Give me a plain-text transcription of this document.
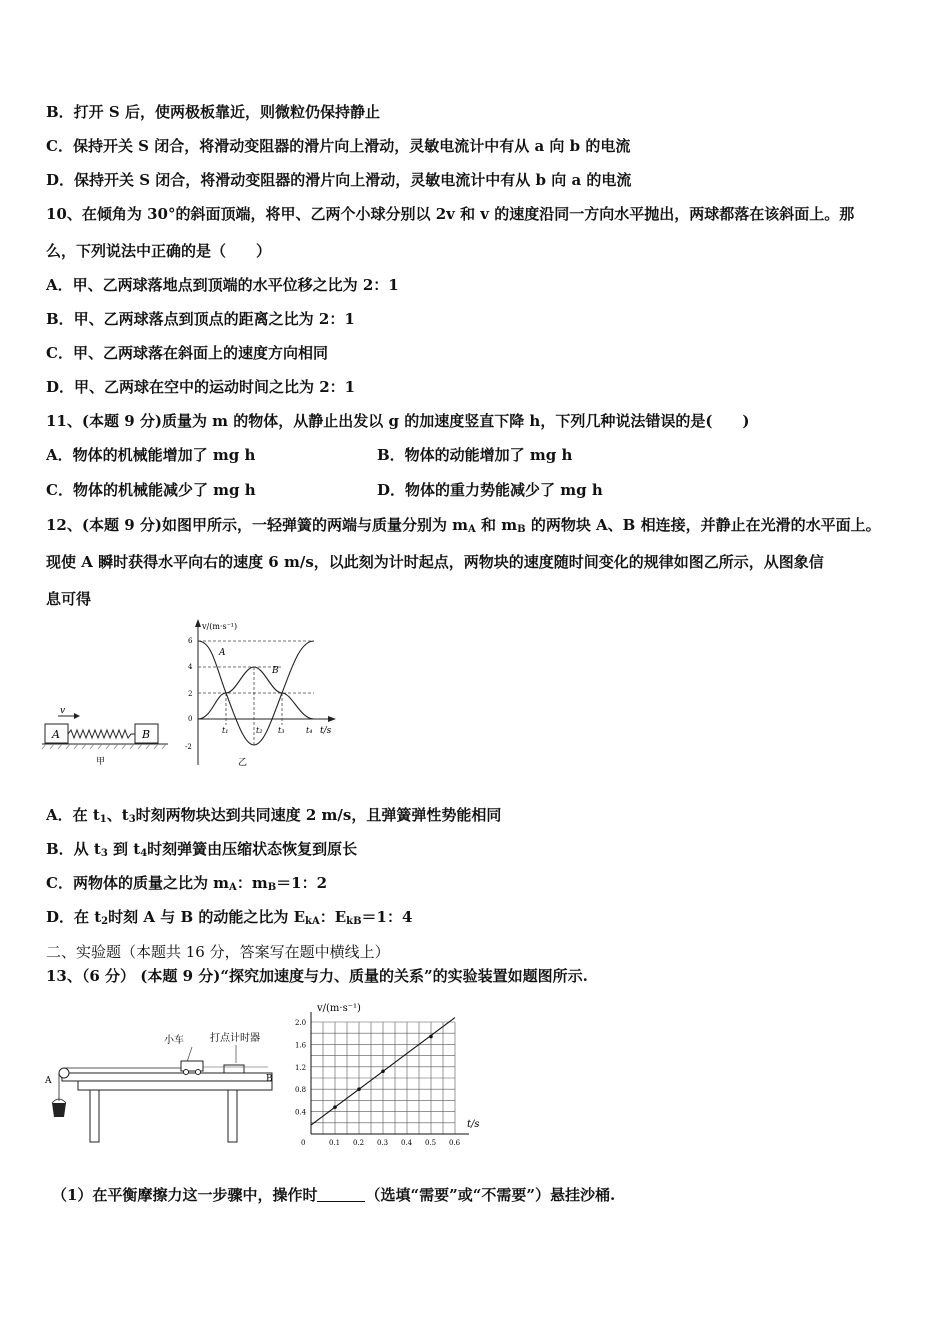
B．打开 S 后，使两极板靠近，则微粒仍保持静止
C．保持开关 S 闭合，将滑动变阻器的滑片向上滑动，灵敏电流计中有从 a 向 b 的电流
D．保持开关 S 闭合，将滑动变阻器的滑片向上滑动，灵敏电流计中有从 b 向 a 的电流
10、在倾角为 30°的斜面顶端，将甲、乙两个小球分别以 2v 和 v 的速度沿同一方向水平抛出，两球都落在该斜面上。那
么，下列说法中正确的是（　　）
A．甲、乙两球落地点到顶端的水平位移之比为 2：1
B．甲、乙两球落点到顶点的距离之比为 2：1
C．甲、乙两球落在斜面上的速度方向相同
D．甲、乙两球在空中的运动时间之比为 2：1
11、(本题 9 分)质量为 m 的物体，从静止出发以 g 的加速度竖直下降 h，下列几种说法错误的是(　　)
A．物体的机械能增加了 mg h	B．物体的动能增加了 mg h
C．物体的机械能减少了 mg h	D．物体的重力势能减少了 mg h
12、(本题 9 分)如图甲所示，一轻弹簧的两端与质量分别为 $m_A$ 和 $m_B$ 的两物块 A、B 相连接，并静止在光滑的水平面上。
现使 A 瞬时获得水平向右的速度 6 m/s，以此刻为计时起点，两物块的速度随时间变化的规律如图乙所示，从图象信
息可得
v
A	B
甲
v/(m·s⁻¹)
t/s
6
4
2
0
-2
A
B
t₁	t₂ t₃	t₄
乙
A．在 $t_1$、$t_3$时刻两物块达到共同速度 2 m/s，且弹簧弹性势能相同
B．从 $t_3$ 到 $t_4$时刻弹簧由压缩状态恢复到原长
C．两物体的质量之比为 $m_A$：$m_B=1$：2
D．在 $t_2$时刻 A 与 B 的动能之比为 $E_{kA}$：$E_{kB}=1$：4
二、实验题（本题共 16 分，答案写在题中横线上）
13、（6 分） (本题 9 分)“探究加速度与力、质量的关系”的实验装置如题图所示.
小车	打点计时器
A	B
v/(m·s⁻¹)
t/s
0	0.1 0.2 0.3 0.4 0.5 0.6
0.4
0.8
1.2
1.6
2.0
（1）在平衡摩擦力这一步骤中，操作时	（选填“需要”或“不需要”）悬挂沙桶.
